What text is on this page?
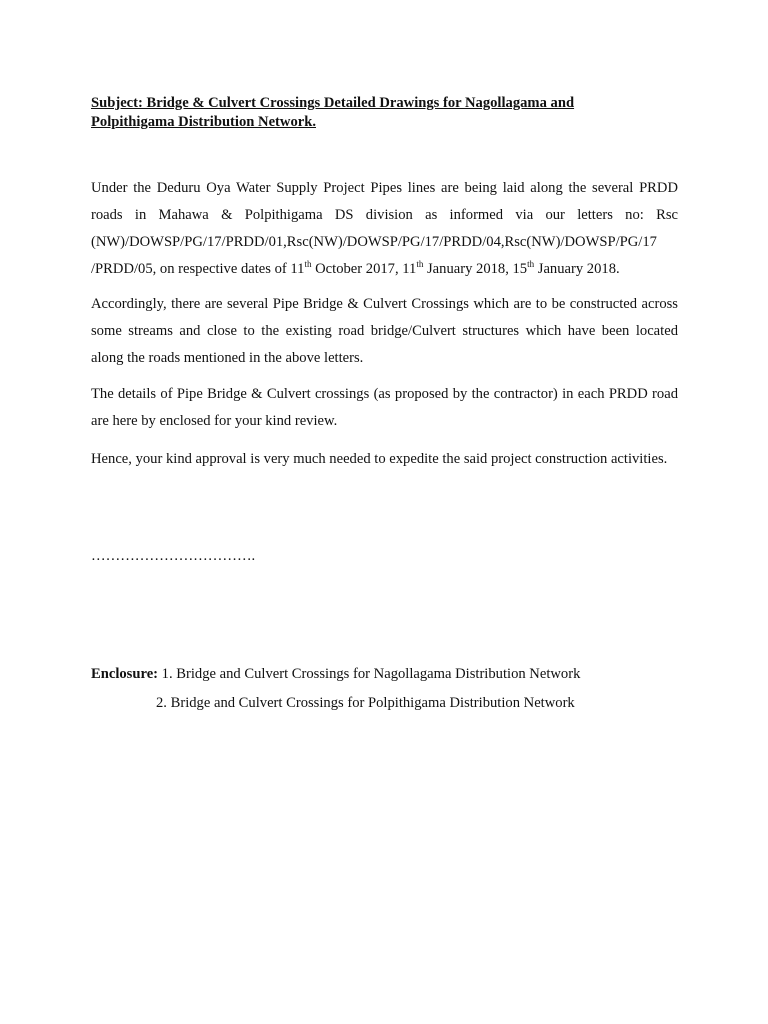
Subject: Bridge & Culvert Crossings Detailed Drawings for Nagollagama and
Polpithigama Distribution Network.
Under the Deduru Oya Water Supply Project Pipes lines are being laid along the several PRDD
roads in Mahawa & Polpithigama DS division as informed via our letters no: Rsc
(NW)/DOWSP/PG/17/PRDD/01,Rsc(NW)/DOWSP/PG/17/PRDD/04,Rsc(NW)/DOWSP/PG/17
/PRDD/05, on respective dates of 11th October 2017, 11th January 2018, 15th January 2018.
Accordingly, there are several Pipe Bridge & Culvert Crossings which are to be constructed across
some streams and close to the existing road bridge/Culvert structures which have been located
along the roads mentioned in the above letters.
The details of Pipe Bridge & Culvert crossings (as proposed by the contractor) in each PRDD road
are here by enclosed for your kind review.
Hence, your kind approval is very much needed to expedite the said project construction activities.
…………………………….
Enclosure: 1. Bridge and Culvert Crossings for Nagollagama Distribution Network
2. Bridge and Culvert Crossings for Polpithigama Distribution Network
